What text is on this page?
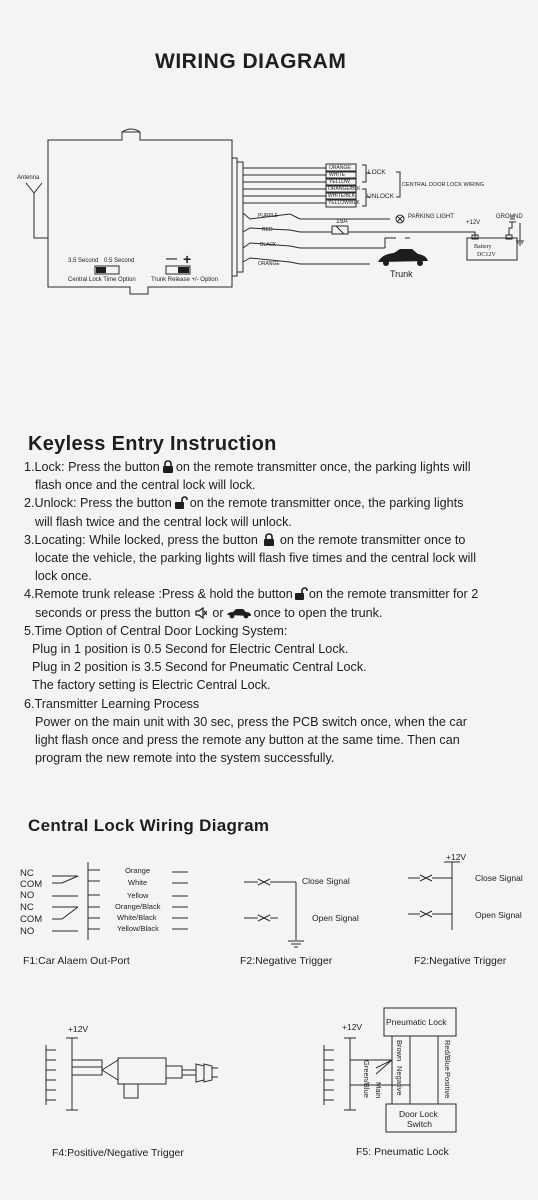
WIRING DIAGRAM
Antenna
3.5 Second 0.5 Second
Central Lock Time Option
— +
Trunk Release +/- Option
ORANGE
WHITE
YELLOW
ORANGE/BLK
WHITE/BLK
YELLOW/BLK
LOCK
UNLOCK
CENTRAL DOOR LOCK WIRING
PURPLE
RED
BLACK
ORANGE
15A
PARKING LIGHT
+12V
GROUND
Battery
DC12V
Trunk
Keyless Entry Instruction
1.Lock: Press the button on the remote transmitter once, the parking lights will
flash once and the central lock will lock.
2.Unlock: Press the button on the remote transmitter once, the parking lights
will flash twice and the central lock will unlock.
3.Locating: While locked, press the button on the remote transmitter once to
locate the vehicle, the parking lights will flash five times and the central lock will
lock once.
4.Remote trunk release :Press & hold the button on the remote transmitter for 2
seconds or press the button or once to open the trunk.
5.Time Option of Central Door Locking System:
Plug in 1 position is 0.5 Second for Electric Central Lock.
Plug in 2 position is 3.5 Second for Pneumatic Central Lock.
The factory setting is Electric Central Lock.
6.Transmitter Learning Process
Power on the main unit with 30 sec, press the PCB switch once, when the car
light flash once and press the remote any button at the same time. Then can
program the new remote into the system successfully.
Central Lock Wiring Diagram
NC
COM
NO
NC
COM
NO
Orange
White
Yellow
Orange/Black
White/Black
Yellow/Black
F1:Car Alaem Out-Port
Close Signal
Open Signal
F2:Negative Trigger
+12V
Close Signal
Open Signal
F2:Negative Trigger
+12V
F4:Positive/Negative Trigger
+12V	Pneumatic Lock
Door Lock
Switch
Green/Blue Main
Brown
Negative
Red/Blue
Positive
F5: Pneumatic Lock
